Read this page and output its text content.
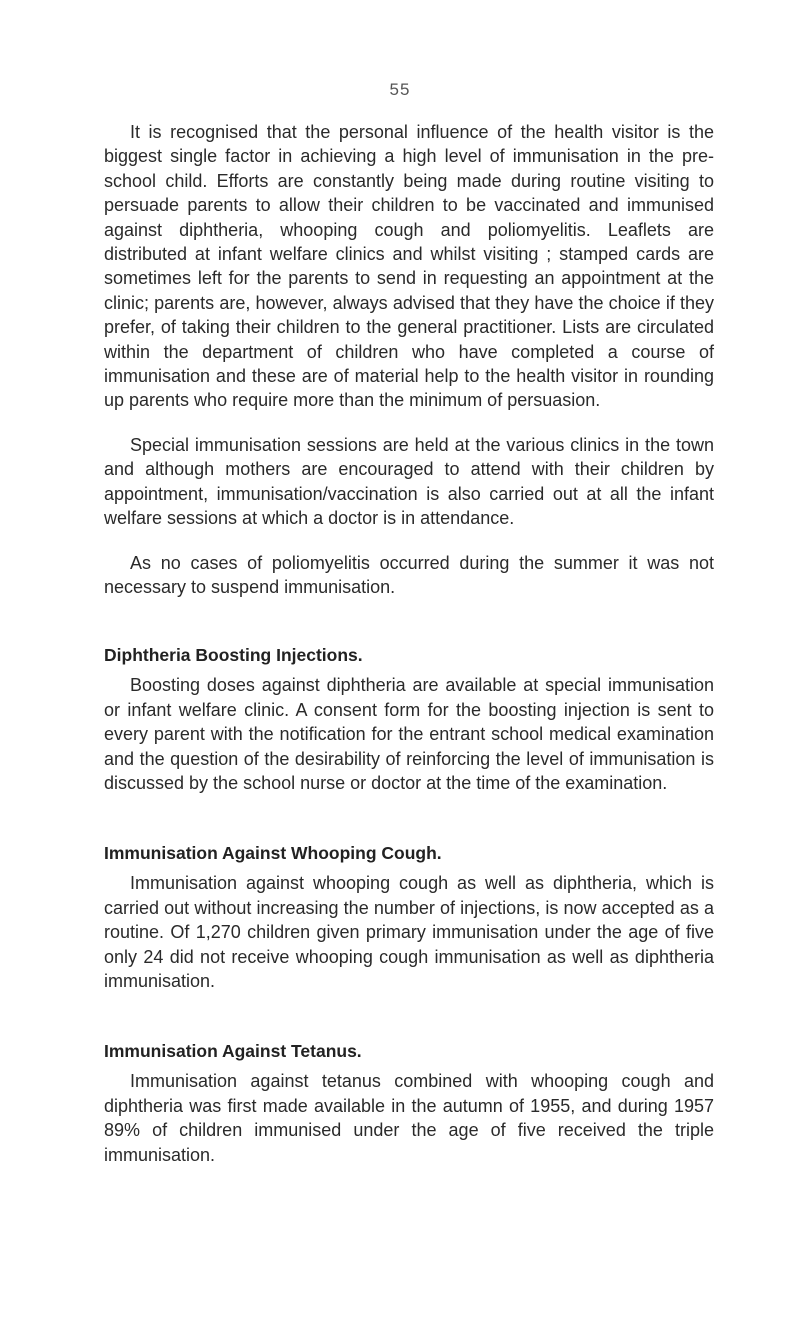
55

It is recognised that the personal influence of the health visitor is the biggest single factor in achieving a high level of immunisation in the pre-school child. Efforts are constantly being made during routine visiting to persuade parents to allow their children to be vaccinated and immunised against diphtheria, whooping cough and poliomyelitis. Leaflets are distributed at infant welfare clinics and whilst visiting ; stamped cards are sometimes left for the parents to send in requesting an appointment at the clinic; parents are, however, always advised that they have the choice if they prefer, of taking their children to the general practitioner. Lists are circulated within the department of children who have completed a course of immunisation and these are of material help to the health visitor in rounding up parents who require more than the minimum of persuasion.

Special immunisation sessions are held at the various clinics in the town and although mothers are encouraged to attend with their children by appointment, immunisation/vaccination is also carried out at all the infant welfare sessions at which a doctor is in attendance.

As no cases of poliomyelitis occurred during the summer it was not necessary to suspend immunisation.

Diphtheria Boosting Injections.

Boosting doses against diphtheria are available at special immunisation or infant welfare clinic. A consent form for the boosting injection is sent to every parent with the notification for the entrant school medical examination and the question of the desirability of reinforcing the level of immunisation is discussed by the school nurse or doctor at the time of the examination.

Immunisation Against Whooping Cough.

Immunisation against whooping cough as well as diphtheria, which is carried out without increasing the number of injections, is now accepted as a routine. Of 1,270 children given primary immunisation under the age of five only 24 did not receive whooping cough immunisation as well as diphtheria immunisation.

Immunisation Against Tetanus.

Immunisation against tetanus combined with whooping cough and diphtheria was first made available in the autumn of 1955, and during 1957 89% of children immunised under the age of five received the triple immunisation.
